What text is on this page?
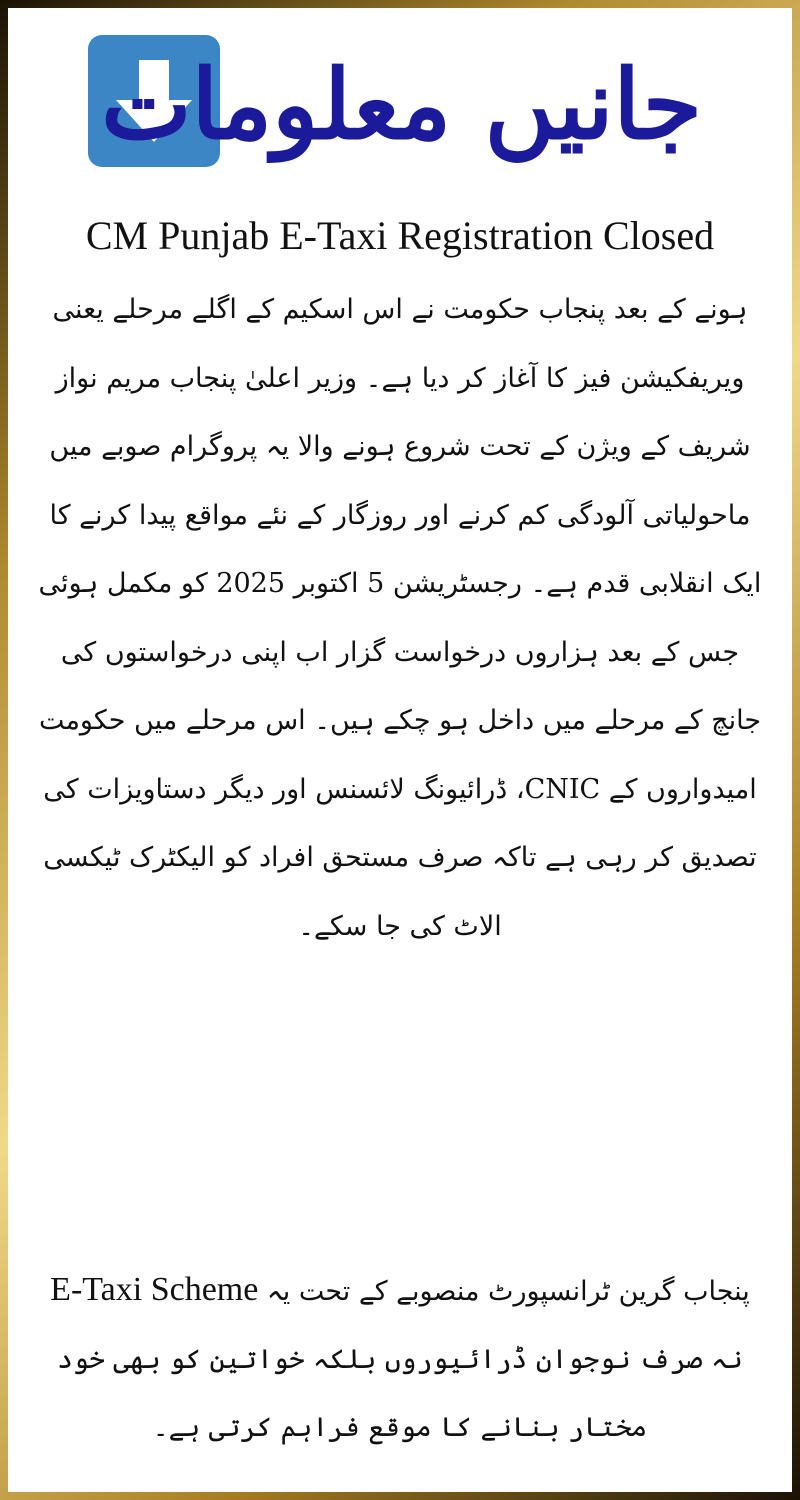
جانیں معلومات
CM Punjab E-Taxi Registration Closed

ہونے کے بعد پنجاب حکومت نے اس اسکیم کے اگلے مرحلے یعنی ویریفکیشن فیز کا آغاز کر دیا ہے۔ وزیر اعلیٰ پنجاب مریم نواز شریف کے ویژن کے تحت شروع ہونے والا یہ پروگرام صوبے میں ماحولیاتی آلودگی کم کرنے اور روزگار کے نئے مواقع پیدا کرنے کا ایک انقلابی قدم ہے۔ رجسٹریشن 5 اکتوبر 2025 کو مکمل ہوئی جس کے بعد ہزاروں درخواست گزار اب اپنی درخواستوں کی جانچ کے مرحلے میں داخل ہو چکے ہیں۔ اس مرحلے میں حکومت امیدواروں کے CNIC، ڈرائیونگ لائسنس اور دیگر دستاویزات کی تصدیق کر رہی ہے تاکہ صرف مستحق افراد کو الیکٹرک ٹیکسی الاٹ کی جا سکے۔

پنجاب گرین ٹرانسپورٹ منصوبے کے تحت یہ E-Taxi Scheme نہ صرف نوجوان ڈرائیوروں بلکہ خواتین کو بھی خود مختار بنانے کا موقع فراہم کرتی ہے۔
